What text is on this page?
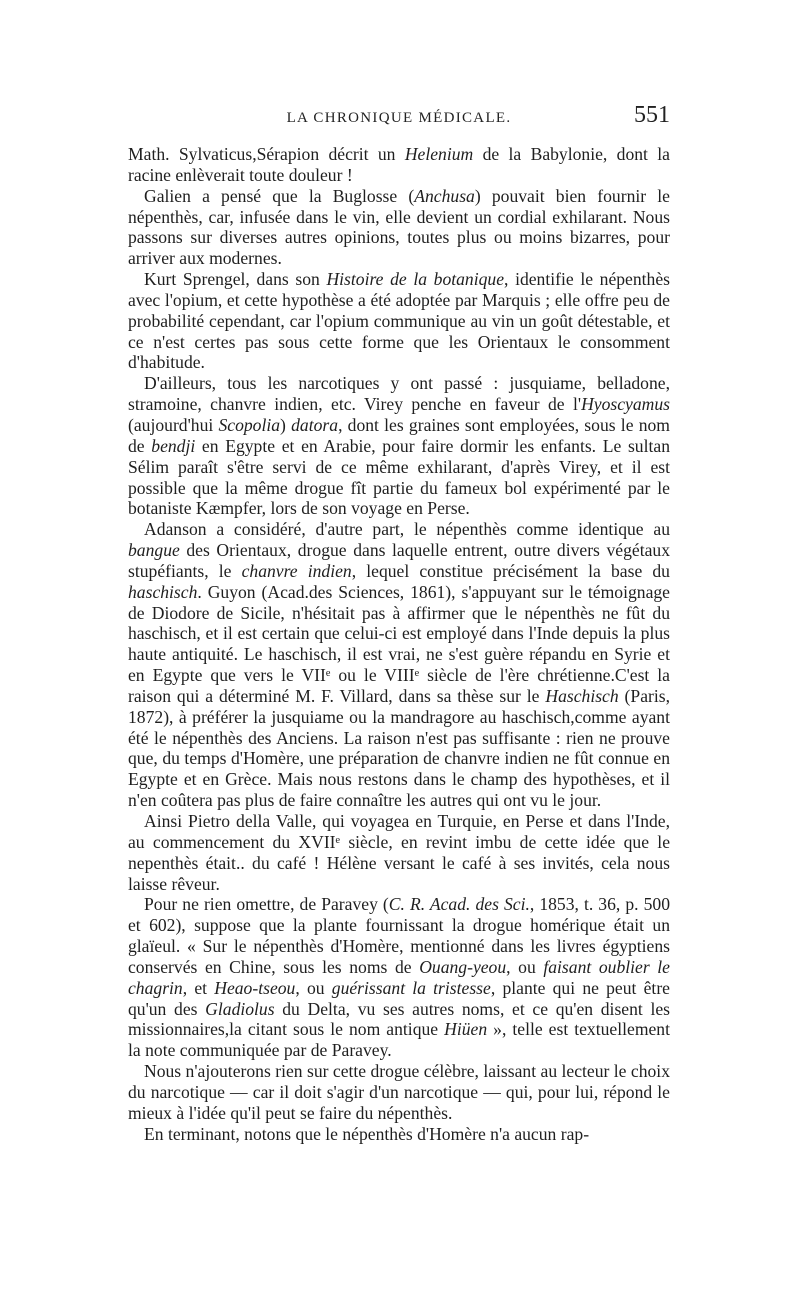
LA CHRONIQUE MÉDICALE.	551

Math. Sylvaticus,Sérapion décrit un Helenium de la Babylonie, dont la racine enlèverait toute douleur !

Galien a pensé que la Buglosse (Anchusa) pouvait bien fournir le népenthès, car, infusée dans le vin, elle devient un cordial exhilarant. Nous passons sur diverses autres opinions, toutes plus ou moins bizarres, pour arriver aux modernes.

Kurt Sprengel, dans son Histoire de la botanique, identifie le népenthès avec l'opium, et cette hypothèse a été adoptée par Marquis ; elle offre peu de probabilité cependant, car l'opium communique au vin un goût détestable, et ce n'est certes pas sous cette forme que les Orientaux le consomment d'habitude.

D'ailleurs, tous les narcotiques y ont passé : jusquiame, belladone, stramoine, chanvre indien, etc. Virey penche en faveur de l'Hyoscyamus (aujourd'hui Scopolia) datora, dont les graines sont employées, sous le nom de bendji en Egypte et en Arabie, pour faire dormir les enfants. Le sultan Sélim paraît s'être servi de ce même exhilarant, d'après Virey, et il est possible que la même drogue fît partie du fameux bol expérimenté par le botaniste Kæmpfer, lors de son voyage en Perse.

Adanson a considéré, d'autre part, le népenthès comme identique au bangue des Orientaux, drogue dans laquelle entrent, outre divers végétaux stupéfiants, le chanvre indien, lequel constitue précisément la base du haschisch. Guyon (Acad.des Sciences, 1861), s'appuyant sur le témoignage de Diodore de Sicile, n'hésitait pas à affirmer que le népenthès ne fût du haschisch, et il est certain que celui-ci est employé dans l'Inde depuis la plus haute antiquité. Le haschisch, il est vrai, ne s'est guère répandu en Syrie et en Egypte que vers le VIIᵉ ou le VIIIᵉ siècle de l'ère chrétienne.C'est la raison qui a déterminé M. F. Villard, dans sa thèse sur le Haschisch (Paris, 1872), à préférer la jusquiame ou la mandragore au haschisch,comme ayant été le népenthès des Anciens. La raison n'est pas suffisante : rien ne prouve que, du temps d'Homère, une préparation de chanvre indien ne fût connue en Egypte et en Grèce. Mais nous restons dans le champ des hypothèses, et il n'en coûtera pas plus de faire connaître les autres qui ont vu le jour.

Ainsi Pietro della Valle, qui voyagea en Turquie, en Perse et dans l'Inde, au commencement du XVIIᵉ siècle, en revint imbu de cette idée que le nepenthès était.. du café ! Hélène versant le café à ses invités, cela nous laisse rêveur.

Pour ne rien omettre, de Paravey (C. R. Acad. des Sci., 1853, t. 36, p. 500 et 602), suppose que la plante fournissant la drogue homérique était un glaïeul. « Sur le népenthès d'Homère, mentionné dans les livres égyptiens conservés en Chine, sous les noms de Ouang-yeou, ou faisant oublier le chagrin, et Heao-tseou, ou guérissant la tristesse, plante qui ne peut être qu'un des Gladiolus du Delta, vu ses autres noms, et ce qu'en disent les missionnaires,la citant sous le nom antique Hiüen », telle est textuellement la note communiquée par de Paravey.

Nous n'ajouterons rien sur cette drogue célèbre, laissant au lecteur le choix du narcotique — car il doit s'agir d'un narcotique — qui, pour lui, répond le mieux à l'idée qu'il peut se faire du népenthès.

En terminant, notons que le népenthès d'Homère n'a aucun rap-
